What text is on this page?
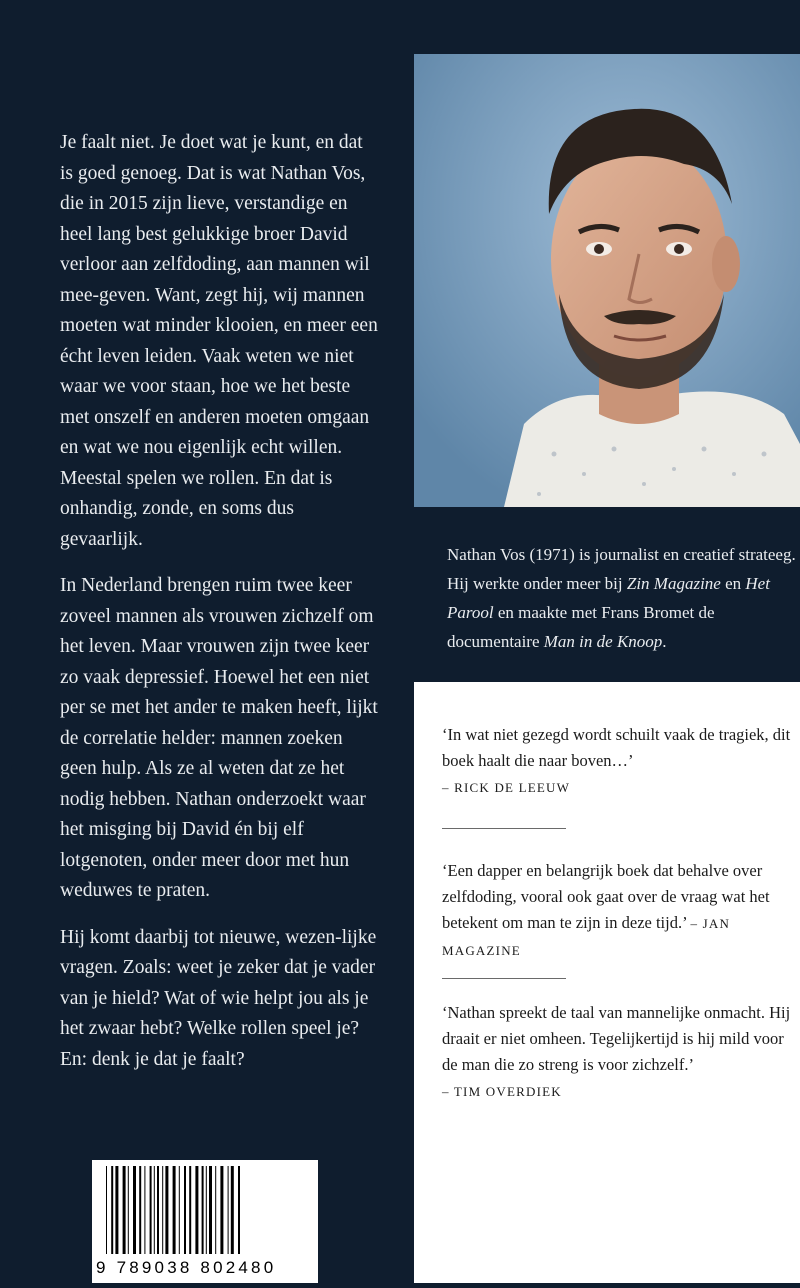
Je faalt niet. Je doet wat je kunt, en dat is goed genoeg. Dat is wat Nathan Vos, die in 2015 zijn lieve, verstandige en heel lang best gelukkige broer David verloor aan zelfdoding, aan mannen wil mee-geven. Want, zegt hij, wij mannen moeten wat minder klooien, en meer een écht leven leiden. Vaak weten we niet waar we voor staan, hoe we het beste met onszelf en anderen moeten omgaan en wat we nou eigenlijk echt willen. Meestal spelen we rollen. En dat is onhandig, zonde, en soms dus gevaarlijk.

In Nederland brengen ruim twee keer zoveel mannen als vrouwen zichzelf om het leven. Maar vrouwen zijn twee keer zo vaak depressief. Hoewel het een niet per se met het ander te maken heeft, lijkt de correlatie helder: mannen zoeken geen hulp. Als ze al weten dat ze het nodig hebben. Nathan onderzoekt waar het misging bij David én bij elf lotgenoten, onder meer door met hun weduwes te praten.

Hij komt daarbij tot nieuwe, wezen-lijke vragen. Zoals: weet je zeker dat je vader van je hield? Wat of wie helpt jou als je het zwaar hebt? Welke rollen speel je? En: denk je dat je faalt?

Nathan Vos (1971) is journalist en creatief strateeg. Hij werkte onder meer bij Zin Magazine en Het Parool en maakte met Frans Bromet de documentaire Man in de Knoop.
‘In wat niet gezegd wordt schuilt vaak de tragiek, dit boek haalt die naar boven…’
– RICK DE LEEUW
‘Een dapper en belangrijk boek dat behalve over zelfdoding, vooral ook gaat over de vraag wat het betekent om man te zijn in deze tijd.’ – JAN MAGAZINE
‘Nathan spreekt de taal van mannelijke onmacht. Hij draait er niet omheen. Tegelijkertijd is hij mild voor de man die zo streng is voor zichzelf.’
– TIM OVERDIEK
9 789038 802480
